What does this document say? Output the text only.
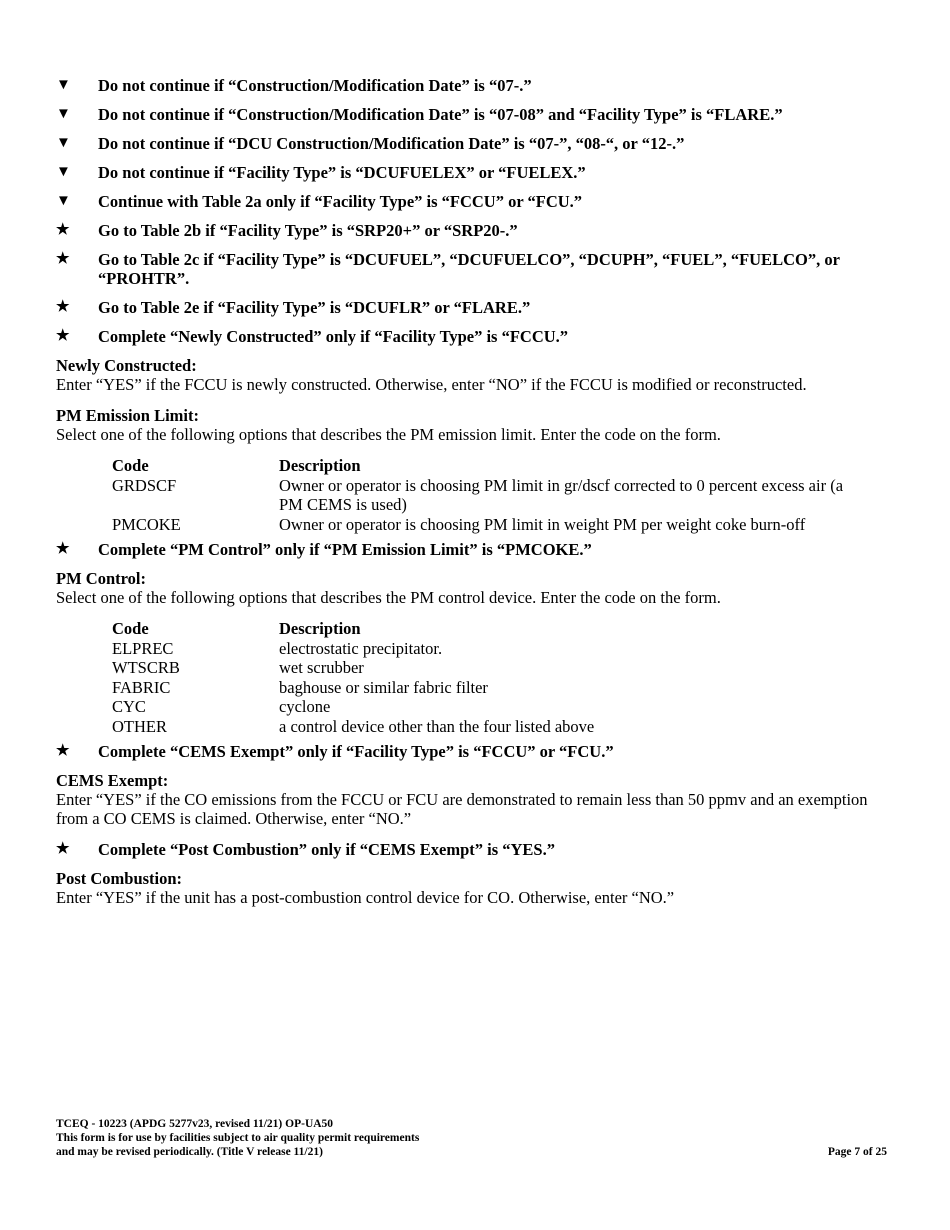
▼	Do not continue if “Construction/Modification Date” is “07-.”
▼	Do not continue if “Construction/Modification Date” is “07-08” and “Facility Type” is “FLARE.”
▼	Do not continue if “DCU Construction/Modification Date” is “07-”, “08-“, or “12-.”
▼	Do not continue if “Facility Type” is “DCUFUELEX” or “FUELEX.”
▼	Continue with Table 2a only if “Facility Type” is “FCCU” or “FCU.”
★	Go to Table 2b if “Facility Type” is “SRP20+” or “SRP20-.”
★	Go to Table 2c if “Facility Type” is “DCUFUEL”, “DCUFUELCO”, “DCUPH”, “FUEL”, “FUELCO”, or “PROHTR”.
★	Go to Table 2e if “Facility Type” is “DCUFLR” or “FLARE.”
★	Complete “Newly Constructed” only if “Facility Type” is “FCCU.”
Newly Constructed:
Enter “YES” if the FCCU is newly constructed. Otherwise, enter “NO” if the FCCU is modified or reconstructed.
PM Emission Limit:
Select one of the following options that describes the PM emission limit. Enter the code on the form.
Code	Description
GRDSCF	Owner or operator is choosing PM limit in gr/dscf corrected to 0 percent excess air (a PM CEMS is used)
PMCOKE	Owner or operator is choosing PM limit in weight PM per weight coke burn-off
★	Complete “PM Control” only if “PM Emission Limit” is “PMCOKE.”
PM Control:
Select one of the following options that describes the PM control device. Enter the code on the form.
Code	Description
ELPREC	electrostatic precipitator.
WTSCRB	wet scrubber
FABRIC	baghouse or similar fabric filter
CYC	cyclone
OTHER	a control device other than the four listed above
★	Complete “CEMS Exempt” only if “Facility Type” is “FCCU” or “FCU.”
CEMS Exempt:
Enter “YES” if the CO emissions from the FCCU or FCU are demonstrated to remain less than 50 ppmv and an exemption from a CO CEMS is claimed. Otherwise, enter “NO.”
★	Complete “Post Combustion” only if “CEMS Exempt” is “YES.”
Post Combustion:
Enter “YES” if the unit has a post-combustion control device for CO. Otherwise, enter “NO.”
TCEQ - 10223 (APDG 5277v23, revised 11/21) OP-UA50
This form is for use by facilities subject to air quality permit requirements
and may be revised periodically. (Title V release 11/21)	Page 7 of 25
